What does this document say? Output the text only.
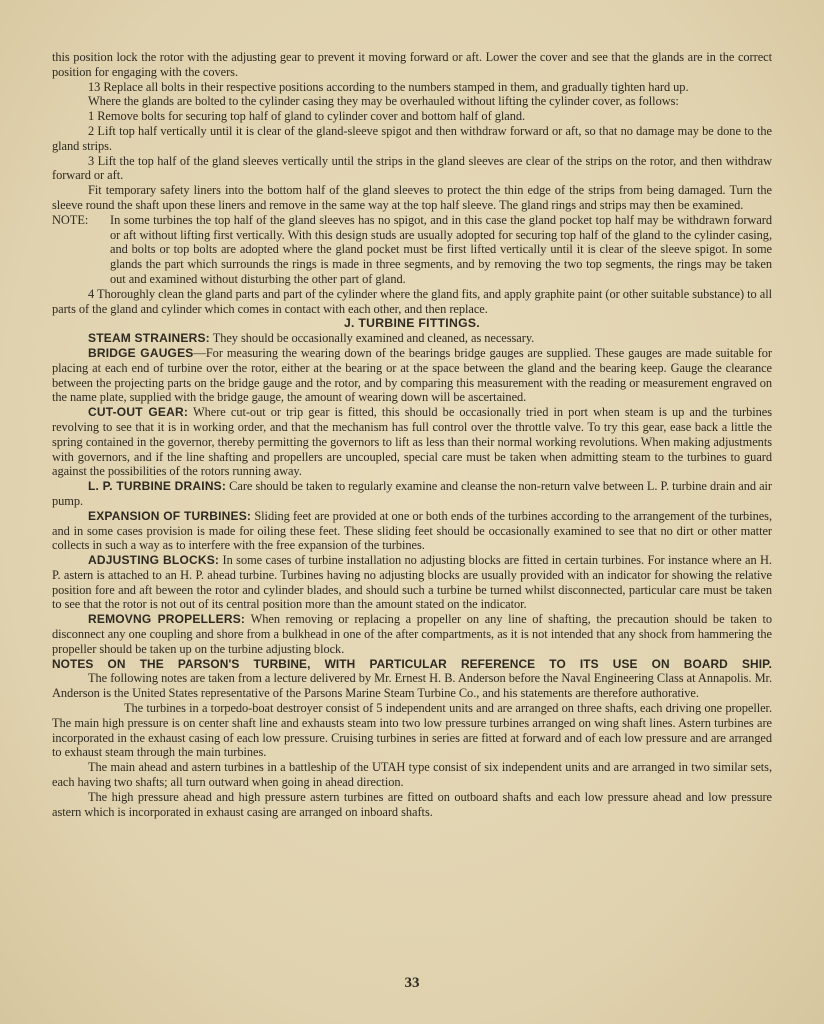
this position lock the rotor with the adjusting gear to prevent it moving forward or aft. Lower the cover and see that the glands are in the correct position for engaging with the covers.

13 Replace all bolts in their respective positions according to the numbers stamped in them, and gradually tighten hard up.

Where the glands are bolted to the cylinder casing they may be overhauled without lifting the cylinder cover, as follows:

1 Remove bolts for securing top half of gland to cylinder cover and bottom half of gland.

2 Lift top half vertically until it is clear of the gland-sleeve spigot and then withdraw forward or aft, so that no damage may be done to the gland strips.

3 Lift the top half of the gland sleeves vertically until the strips in the gland sleeves are clear of the strips on the rotor, and then withdraw forward or aft.

Fit temporary safety liners into the bottom half of the gland sleeves to protect the thin edge of the strips from being damaged. Turn the sleeve round the shaft upon these liners and remove in the same way at the top half sleeve. The gland rings and strips may then be examined.

NOTE:	In some turbines the top half of the gland sleeves has no spigot, and in this case the gland pocket top half may be withdrawn forward or aft without lifting first vertically. With this design studs are usually adopted for securing top half of the gland to the cylinder casing, and bolts or top bolts are adopted where the gland pocket must be first lifted vertically until it is clear of the sleeve spigot. In some glands the part which surrounds the rings is made in three segments, and by removing the two top segments, the rings may be taken out and examined without disturbing the other part of gland.

4 Thoroughly clean the gland parts and part of the cylinder where the gland fits, and apply graphite paint (or other suitable substance) to all parts of the gland and cylinder which comes in contact with each other, and then replace.

J. TURBINE FITTINGS.

STEAM STRAINERS: They should be occasionally examined and cleaned, as necessary.

BRIDGE GAUGES—For measuring the wearing down of the bearings bridge gauges are supplied. These gauges are made suitable for placing at each end of turbine over the rotor, either at the bearing or at the space between the gland and the bearing keep. Gauge the clearance between the projecting parts on the bridge gauge and the rotor, and by comparing this measurement with the reading or measurement engraved on the name plate, supplied with the bridge gauge, the amount of wearing down will be ascertained.

CUT-OUT GEAR: Where cut-out or trip gear is fitted, this should be occasionally tried in port when steam is up and the turbines revolving to see that it is in working order, and that the mechanism has full control over the throttle valve. To try this gear, ease back a little the spring contained in the governor, thereby permitting the governors to lift as less than their normal working revolutions. When making adjustments with governors, and if the line shafting and propellers are uncoupled, special care must be taken when admitting steam to the turbines to guard against the possibilities of the rotors running away.

L. P. TURBINE DRAINS: Care should be taken to regularly examine and cleanse the non-return valve between L. P. turbine drain and air pump.

EXPANSION OF TURBINES: Sliding feet are provided at one or both ends of the turbines according to the arrangement of the turbines, and in some cases provision is made for oiling these feet. These sliding feet should be occasionally examined to see that no dirt or other matter collects in such a way as to interfere with the free expansion of the turbines.

ADJUSTING BLOCKS: In some cases of turbine installation no adjusting blocks are fitted in certain turbines. For instance where an H. P. astern is attached to an H. P. ahead turbine. Turbines having no adjusting blocks are usually provided with an indicator for showing the relative position fore and aft beween the rotor and cylinder blades, and should such a turbine be turned whilst disconnected, particular care must be taken to see that the rotor is not out of its central position more than the amount stated on the indicator.

REMOVNG PROPELLERS: When removing or replacing a propeller on any line of shafting, the precaution should be taken to disconnect any one coupling and shore from a bulkhead in one of the after compartments, as it is not intended that any shock from hammering the propeller should be taken up on the turbine adjusting block.

NOTES ON THE PARSON'S TURBINE, WITH PARTICULAR REFERENCE TO ITS USE ON BOARD SHIP.

The following notes are taken from a lecture delivered by Mr. Ernest H. B. Anderson before the Naval Engineering Class at Annapolis. Mr. Anderson is the United States representative of the Parsons Marine Steam Turbine Co., and his statements are therefore authorative.

The turbines in a torpedo-boat destroyer consist of 5 independent units and are arranged on three shafts, each driving one propeller. The main high pressure is on center shaft line and exhausts steam into two low pressure turbines arranged on wing shaft lines. Astern turbines are incorporated in the exhaust casing of each low pressure. Cruising turbines in series are fitted at forward and of each low pressure and are arranged to exhaust steam through the main turbines.

The main ahead and astern turbines in a battleship of the UTAH type consist of six independent units and are arranged in two similar sets, each having two shafts; all turn outward when going in ahead direction.

The high pressure ahead and high pressure astern turbines are fitted on outboard shafts and each low pressure ahead and low pressure astern which is incorporated in exhaust casing are arranged on inboard shafts.

33
